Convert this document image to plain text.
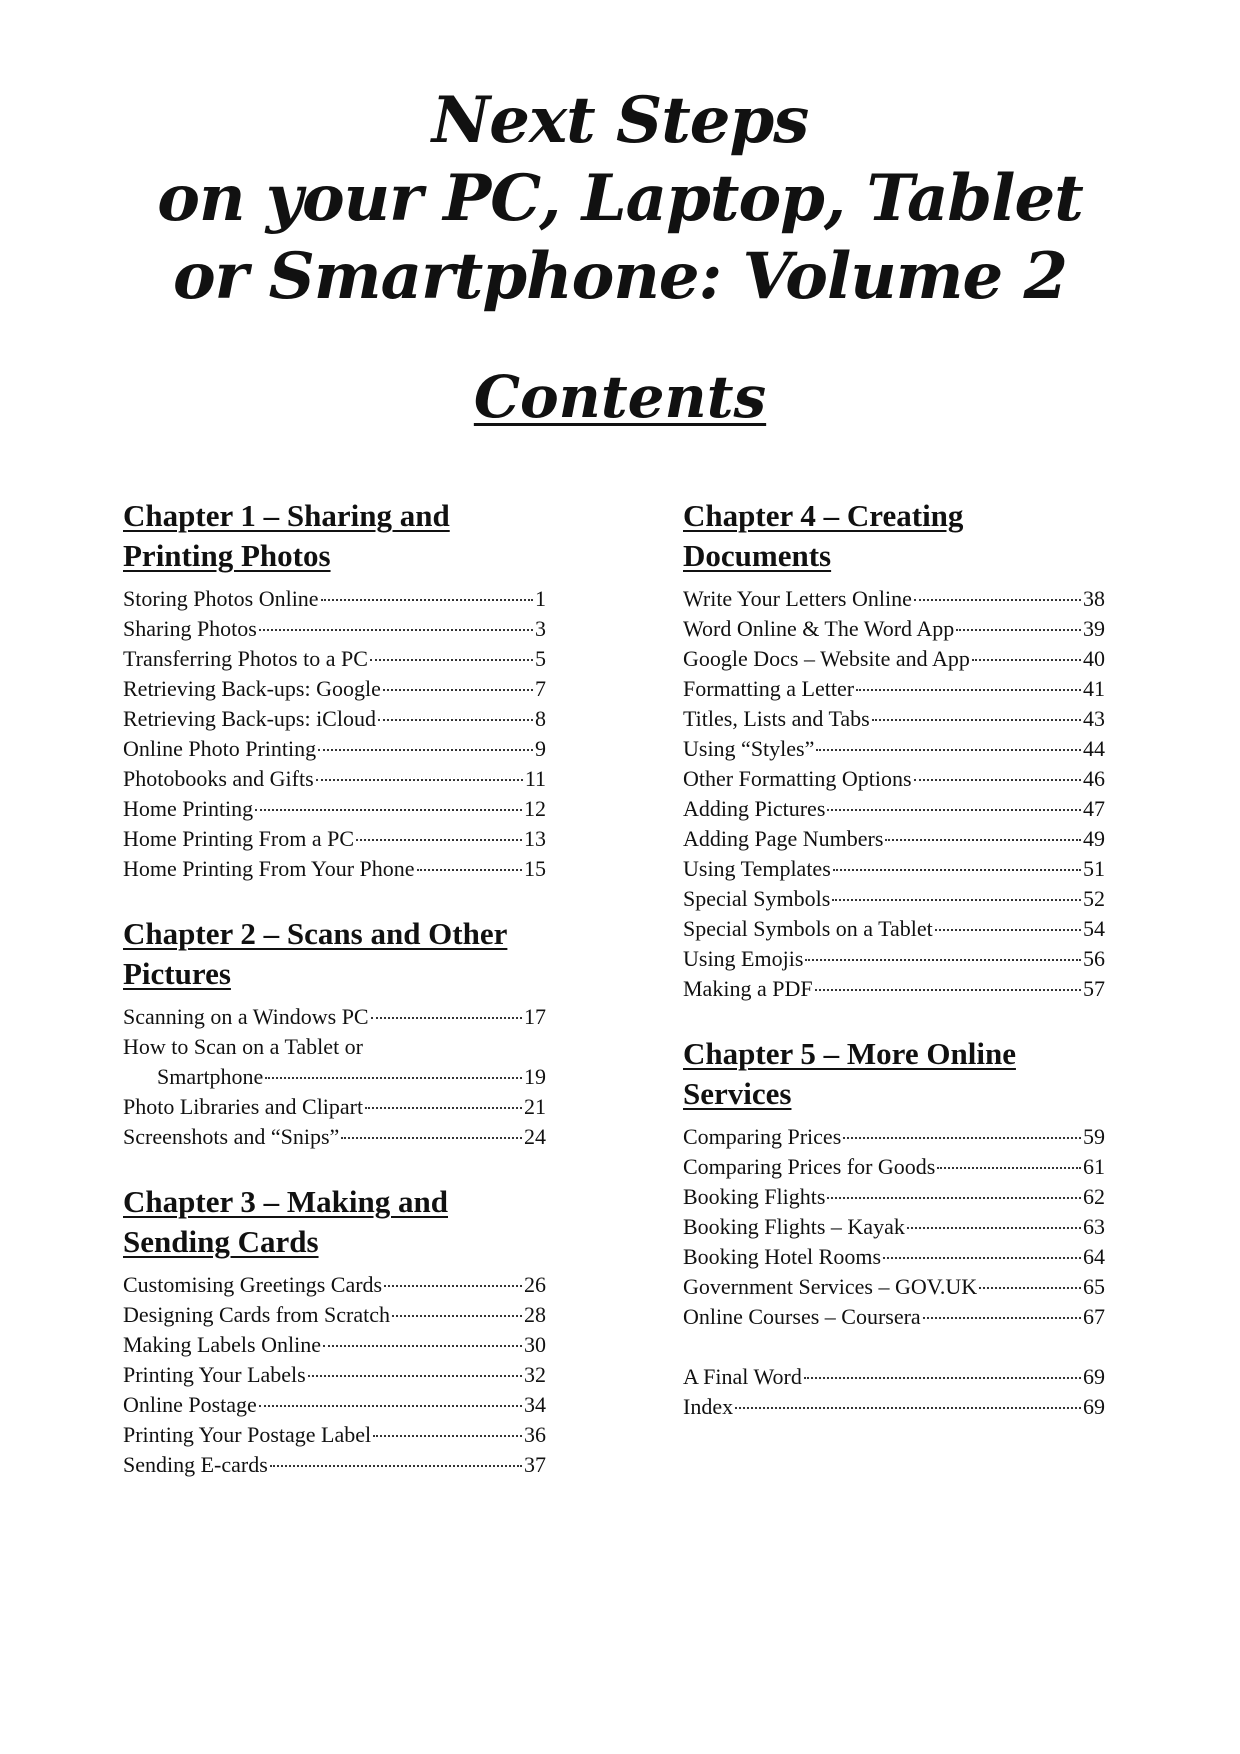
Next Steps

on your PC, Laptop, Tablet

or Smartphone: Volume 2

Contents
Chapter 1 – Sharing and
Printing Photos
Storing Photos Online	1
Sharing Photos	3
Transferring Photos to a PC	5
Retrieving Back-ups: Google	7
Retrieving Back-ups: iCloud	8
Online Photo Printing	9
Photobooks and Gifts	11
Home Printing	12
Home Printing From a PC	13
Home Printing From Your Phone	15
Chapter 2 – Scans and Other
Pictures
Scanning on a Windows PC	17
How to Scan on a Tablet or
Smartphone	19
Photo Libraries and Clipart	21
Screenshots and “Snips”	24
Chapter 3 – Making and
Sending Cards
Customising Greetings Cards	26
Designing Cards from Scratch	28
Making Labels Online	30
Printing Your Labels	32
Online Postage	34
Printing Your Postage Label	36
Sending E-cards	37
Chapter 4 – Creating Documents
Write Your Letters Online	38
Word Online & The Word App	39
Google Docs – Website and App	40
Formatting a Letter	41
Titles, Lists and Tabs	43
Using “Styles”	44
Other Formatting Options	46
Adding Pictures	47
Adding Page Numbers	49
Using Templates	51
Special Symbols	52
Special Symbols on a Tablet	54
Using Emojis	56
Making a PDF	57
Chapter 5 – More Online Services
Comparing Prices	59
Comparing Prices for Goods	61
Booking Flights	62
Booking Flights – Kayak	63
Booking Hotel Rooms	64
Government Services – GOV.UK	65
Online Courses – Coursera	67
A Final Word	69
Index	69
